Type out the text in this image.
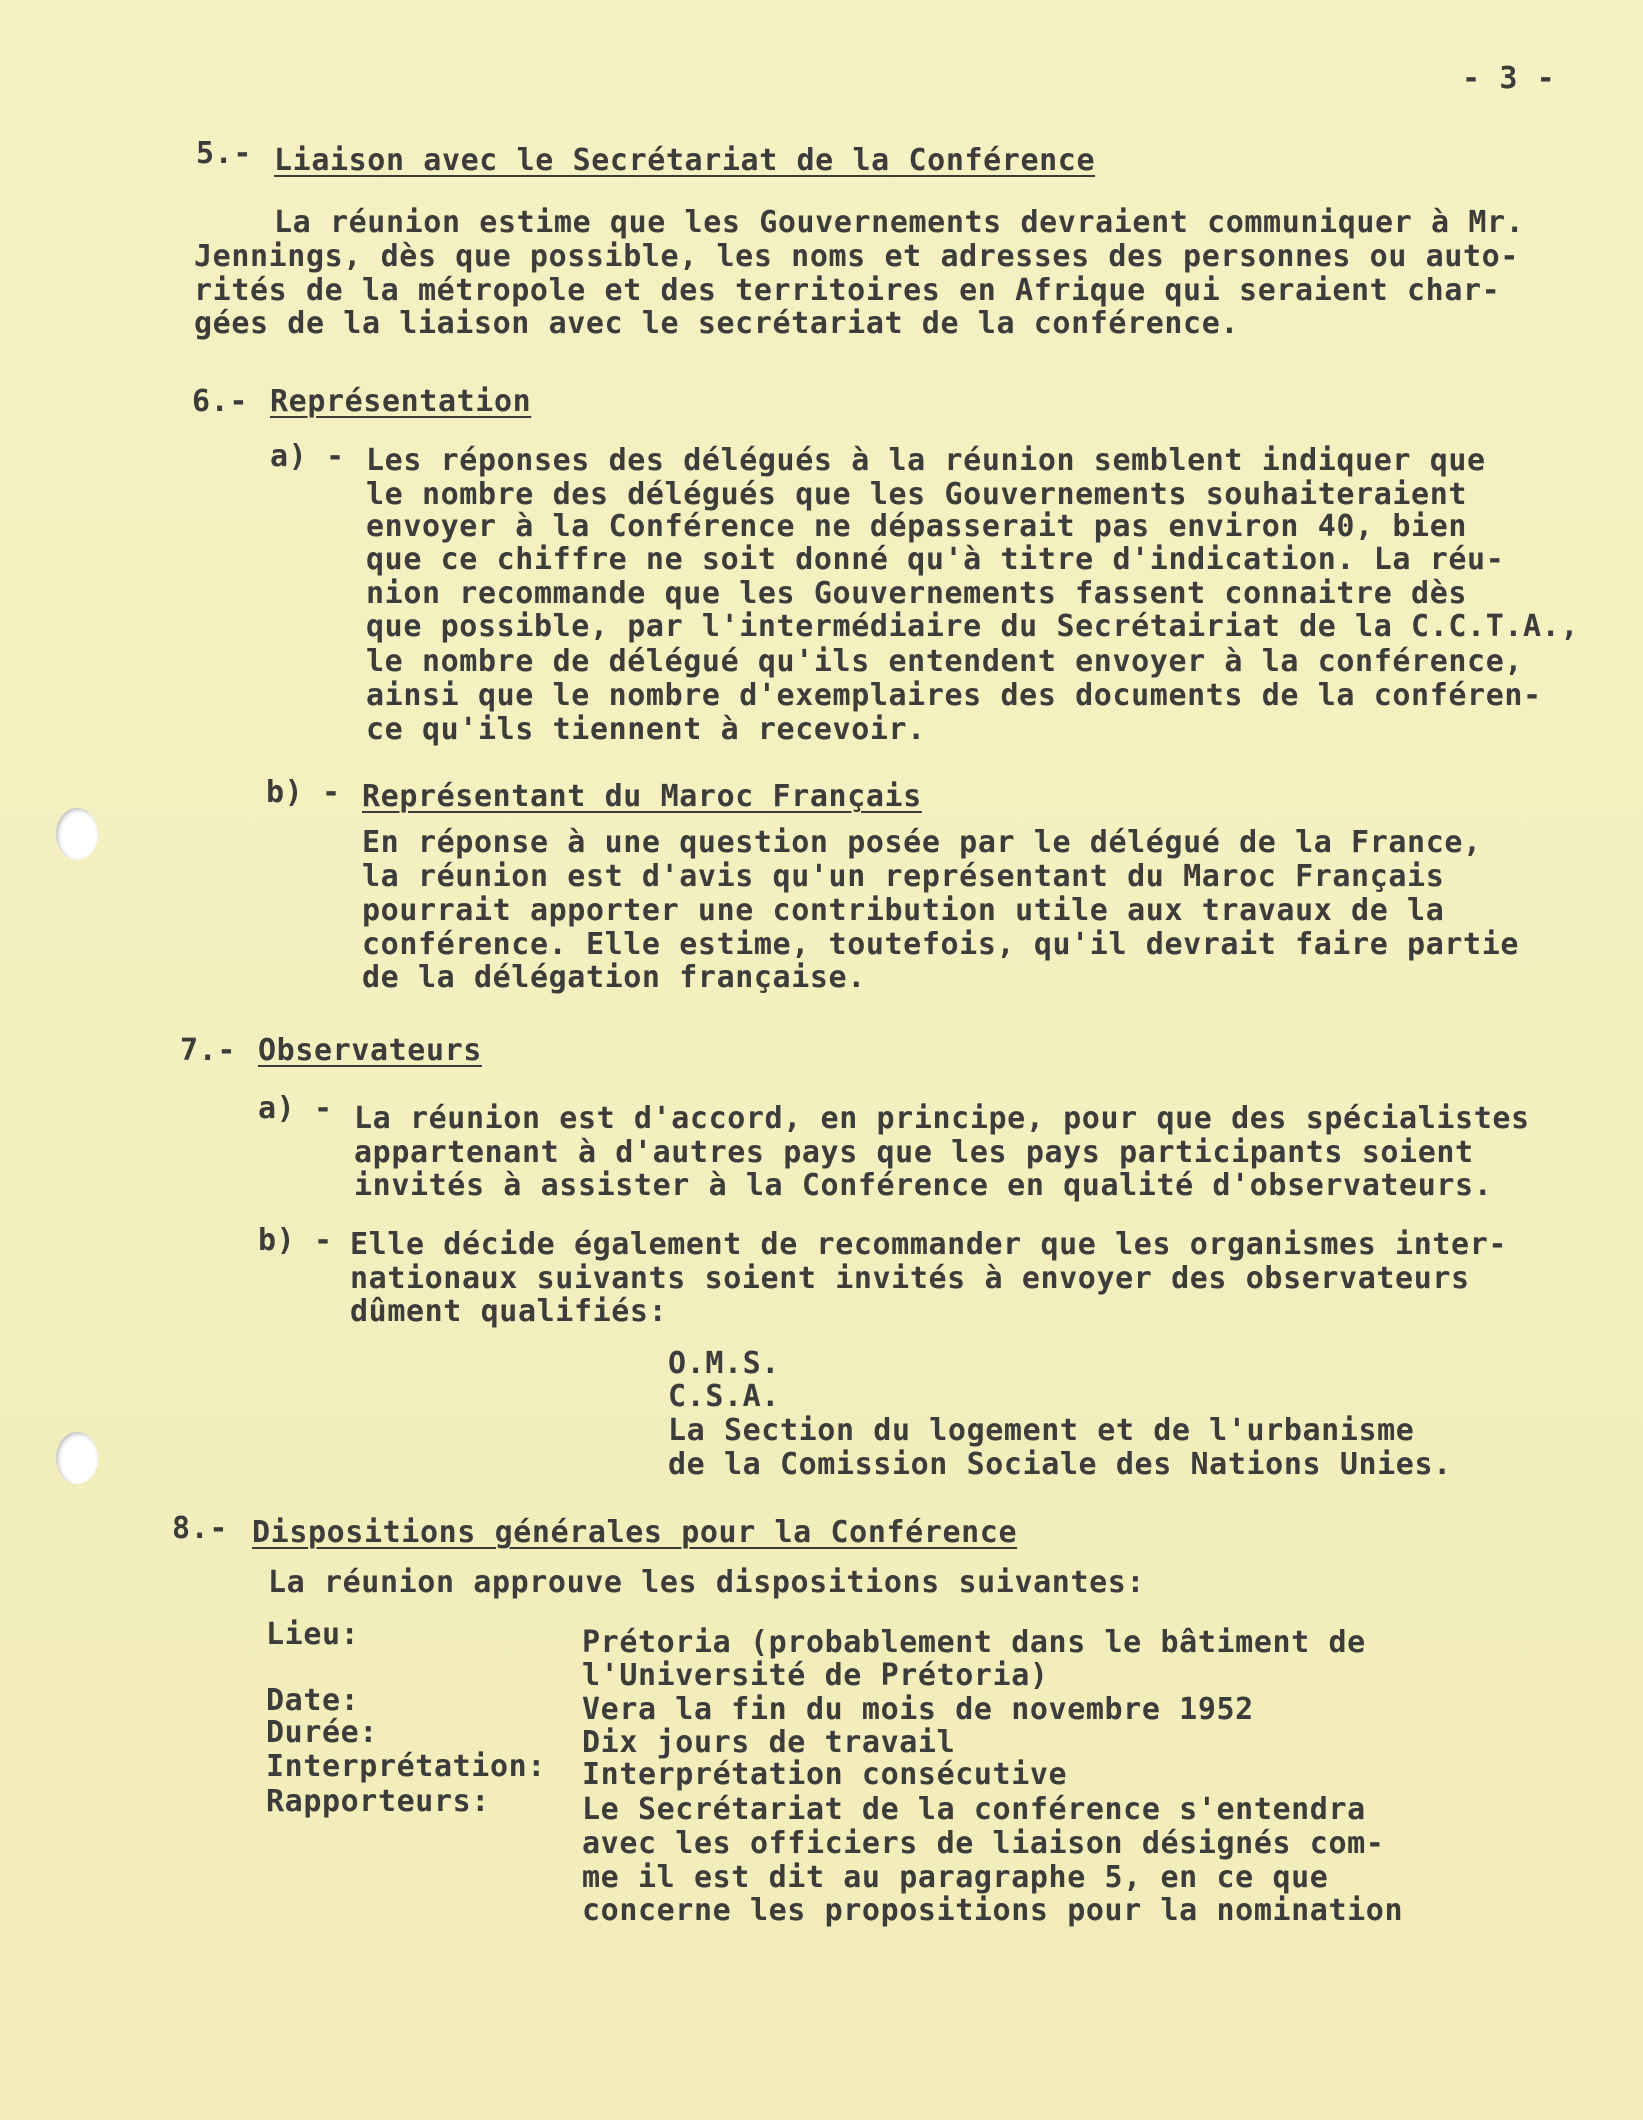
- 3 -
5.- Liaison avec le Secrétariat de la Conférence
La réunion estime que les Gouvernements devraient communiquer à Mr.
Jennings, dès que possible, les noms et adresses des personnes ou auto-
rités de la métropole et des territoires en Afrique qui seraient char-
gées de la liaison avec le secrétariat de la conférence.
6.- Représentation
a) - Les réponses des délégués à la réunion semblent indiquer que
le nombre des délégués que les Gouvernements souhaiteraient
envoyer à la Conférence ne dépasserait pas environ 40, bien
que ce chiffre ne soit donné qu'à titre d'indication. La réu-
nion recommande que les Gouvernements fassent connaitre dès
que possible, par l'intermédiaire du Secrétairiat de la C.C.T.A.,
le nombre de délégué qu'ils entendent envoyer à la conférence,
ainsi que le nombre d'exemplaires des documents de la conféren-
ce qu'ils tiennent à recevoir.
b) - Représentant du Maroc Français
En réponse à une question posée par le délégué de la France,
la réunion est d'avis qu'un représentant du Maroc Français
pourrait apporter une contribution utile aux travaux de la
conférence. Elle estime, toutefois, qu'il devrait faire partie
de la délégation française.
7.- Observateurs
a) - La réunion est d'accord, en principe, pour que des spécialistes
appartenant à d'autres pays que les pays participants soient
invités à assister à la Conférence en qualité d'observateurs.
b) - Elle décide également de recommander que les organismes inter-
nationaux suivants soient invités à envoyer des observateurs
dûment qualifiés:
O.M.S.
C.S.A.
La Section du logement et de l'urbanisme
de la Comission Sociale des Nations Unies.
8.- Dispositions générales pour la Conférence
La réunion approuve les dispositions suivantes:
Lieu:	Prétoria (probablement dans le bâtiment de
l'Université de Prétoria)
Date:	Vera la fin du mois de novembre 1952
Durée:	Dix jours de travail
Interprétation: Interprétation consécutive
Rapporteurs:	Le Secrétariat de la conférence s'entendra
avec les officiers de liaison désignés com-
me il est dit au paragraphe 5, en ce que
concerne les propositions pour la nomination
